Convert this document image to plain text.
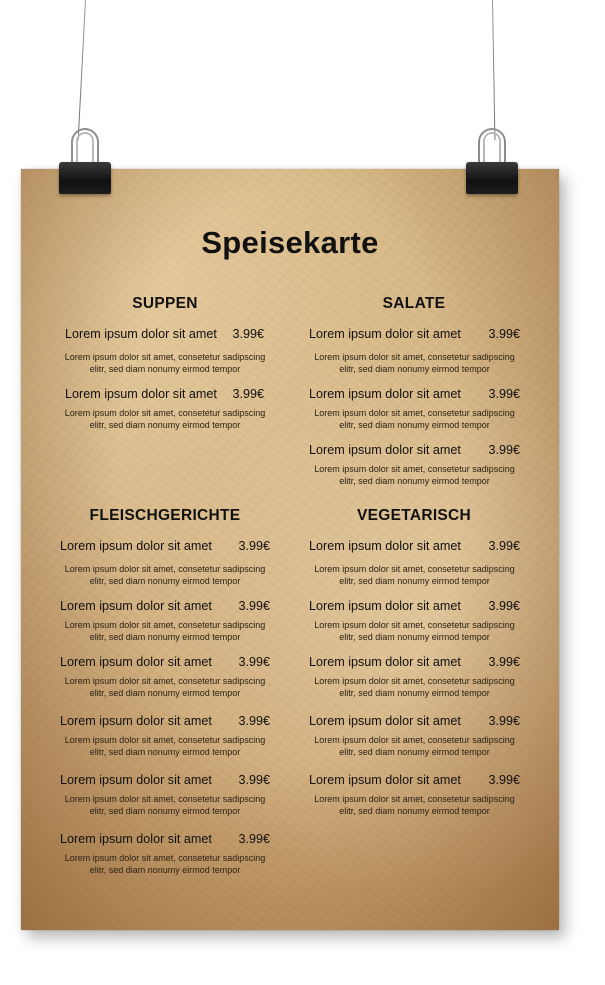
Speisekarte
SUPPEN
Lorem ipsum dolor sit amet 3.99€
Lorem ipsum dolor sit amet, consetetur sadipscing
elitr, sed diam nonumy eirmod tempor
Lorem ipsum dolor sit amet 3.99€
Lorem ipsum dolor sit amet, consetetur sadipscing
elitr, sed diam nonumy eirmod tempor
SALATE
Lorem ipsum dolor sit amet 3.99€
Lorem ipsum dolor sit amet, consetetur sadipscing
elitr, sed diam nonumy eirmod tempor
Lorem ipsum dolor sit amet 3.99€
Lorem ipsum dolor sit amet, consetetur sadipscing
elitr, sed diam nonumy eirmod tempor
Lorem ipsum dolor sit amet 3.99€
Lorem ipsum dolor sit amet, consetetur sadipscing
elitr, sed diam nonumy eirmod tempor
FLEISCHGERICHTE
Lorem ipsum dolor sit amet 3.99€
Lorem ipsum dolor sit amet, consetetur sadipscing
elitr, sed diam nonumy eirmod tempor
Lorem ipsum dolor sit amet 3.99€
Lorem ipsum dolor sit amet, consetetur sadipscing
elitr, sed diam nonumy eirmod tempor
Lorem ipsum dolor sit amet 3.99€
Lorem ipsum dolor sit amet, consetetur sadipscing
elitr, sed diam nonumy eirmod tempor
Lorem ipsum dolor sit amet 3.99€
Lorem ipsum dolor sit amet, consetetur sadipscing
elitr, sed diam nonumy eirmod tempor
Lorem ipsum dolor sit amet 3.99€
Lorem ipsum dolor sit amet, consetetur sadipscing
elitr, sed diam nonumy eirmod tempor
Lorem ipsum dolor sit amet 3.99€
Lorem ipsum dolor sit amet, consetetur sadipscing
elitr, sed diam nonumy eirmod tempor
VEGETARISCH
Lorem ipsum dolor sit amet 3.99€
Lorem ipsum dolor sit amet, consetetur sadipscing
elitr, sed diam nonumy eirmod tempor
Lorem ipsum dolor sit amet 3.99€
Lorem ipsum dolor sit amet, consetetur sadipscing
elitr, sed diam nonumy eirmod tempor
Lorem ipsum dolor sit amet 3.99€
Lorem ipsum dolor sit amet, consetetur sadipscing
elitr, sed diam nonumy eirmod tempor
Lorem ipsum dolor sit amet 3.99€
Lorem ipsum dolor sit amet, consetetur sadipscing
elitr, sed diam nonumy eirmod tempor
Lorem ipsum dolor sit amet 3.99€
Lorem ipsum dolor sit amet, consetetur sadipscing
elitr, sed diam nonumy eirmod tempor
